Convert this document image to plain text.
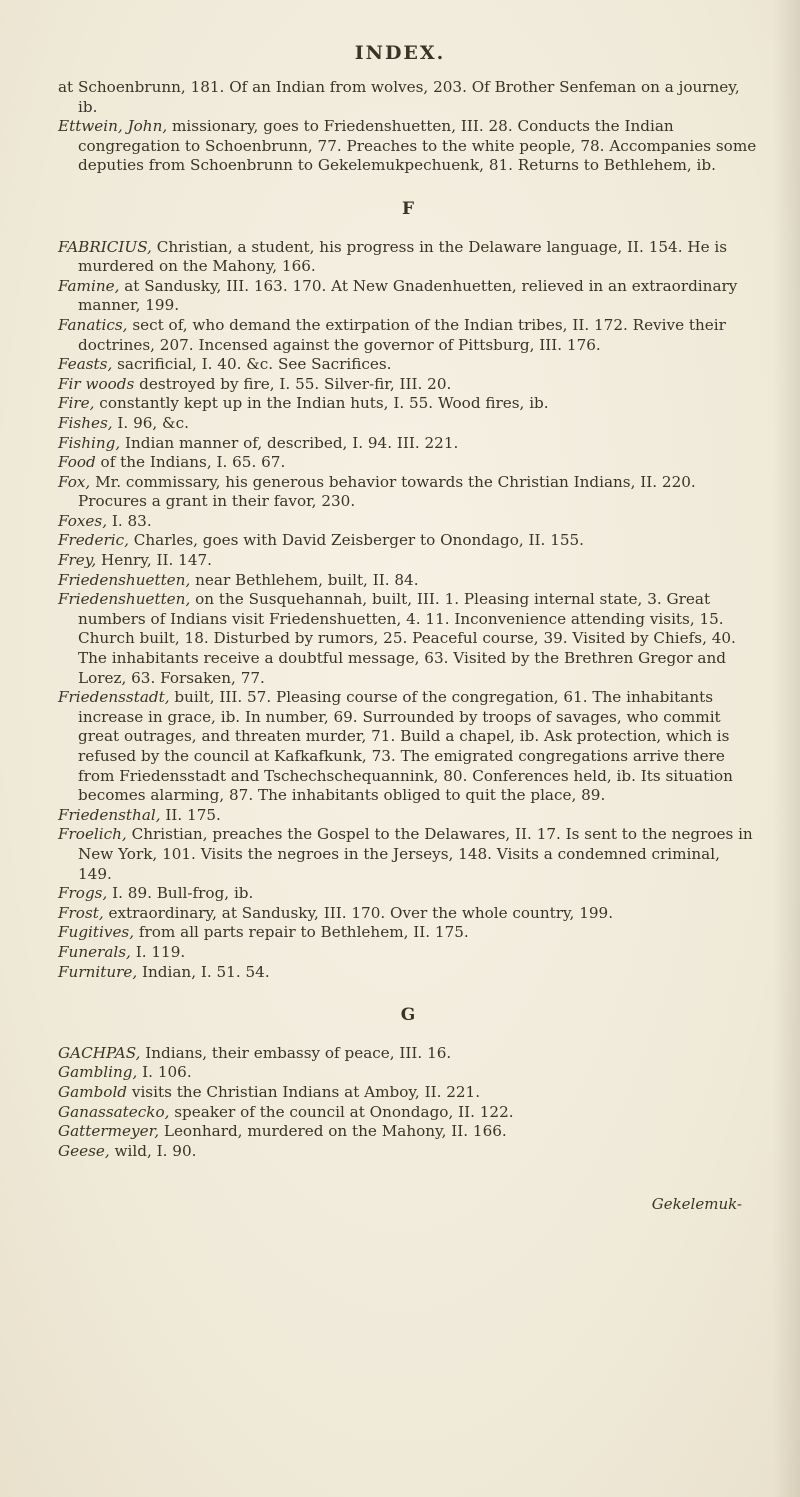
INDEX.
at Schoenbrunn, 181. Of an Indian from wolves, 203. Of Brother Senfeman on a journey, ib.
Ettwein, John, missionary, goes to Friedenshuetten, III. 28. Conducts the Indian congregation to Schoenbrunn, 77. Preaches to the white people, 78. Accompanies some deputies from Schoenbrunn to Gekelemukpechuenk, 81. Returns to Bethlehem, ib.
F
FABRICIUS, Christian, a student, his progress in the Delaware language, II. 154. He is murdered on the Mahony, 166.
Famine, at Sandusky, III. 163. 170. At New Gnadenhuetten, relieved in an extraordinary manner, 199.
Fanatics, sect of, who demand the extirpation of the Indian tribes, II. 172. Revive their doctrines, 207. Incensed against the governor of Pittsburg, III. 176.
Feasts, sacrificial, I. 40. &c. See Sacrifices.
Fir woods destroyed by fire, I. 55. Silver-fir, III. 20.
Fire, constantly kept up in the Indian huts, I. 55. Wood fires, ib.
Fishes, I. 96, &c.
Fishing, Indian manner of, described, I. 94. III. 221.
Food of the Indians, I. 65. 67.
Fox, Mr. commissary, his generous behavior towards the Christian Indians, II. 220. Procures a grant in their favor, 230.
Foxes, I. 83.
Frederic, Charles, goes with David Zeisberger to Onondago, II. 155.
Frey, Henry, II. 147.
Friedenshuetten, near Bethlehem, built, II. 84.
Friedenshuetten, on the Susquehannah, built, III. 1. Pleasing internal state, 3. Great numbers of Indians visit Friedenshuetten, 4. 11. Inconvenience attending visits, 15. Church built, 18. Disturbed by rumors, 25. Peaceful course, 39. Visited by Chiefs, 40. The inhabitants receive a doubtful message, 63. Visited by the Brethren Gregor and Lorez, 63. Forsaken, 77.
Friedensstadt, built, III. 57. Pleasing course of the congregation, 61. The inhabitants increase in grace, ib. In number, 69. Surrounded by troops of savages, who commit great outrages, and threaten murder, 71. Build a chapel, ib. Ask protection, which is refused by the council at Kafkafkunk, 73. The emigrated congregations arrive there from Friedensstadt and Tschechschequannink, 80. Conferences held, ib. Its situation becomes alarming, 87. The inhabitants obliged to quit the place, 89.
Friedensthal, II. 175.
Froelich, Christian, preaches the Gospel to the Delawares, II. 17. Is sent to the negroes in New York, 101. Visits the negroes in the Jerseys, 148. Visits a condemned criminal, 149.
Frogs, I. 89. Bull-frog, ib.
Frost, extraordinary, at Sandusky, III. 170. Over the whole country, 199.
Fugitives, from all parts repair to Bethlehem, II. 175.
Funerals, I. 119.
Furniture, Indian, I. 51. 54.
G
GACHPAS, Indians, their embassy of peace, III. 16.
Gambling, I. 106.
Gambold visits the Christian Indians at Amboy, II. 221.
Ganassatecko, speaker of the council at Onondago, II. 122.
Gattermeyer, Leonhard, murdered on the Mahony, II. 166.
Geese, wild, I. 90.
Gekelemuk-
